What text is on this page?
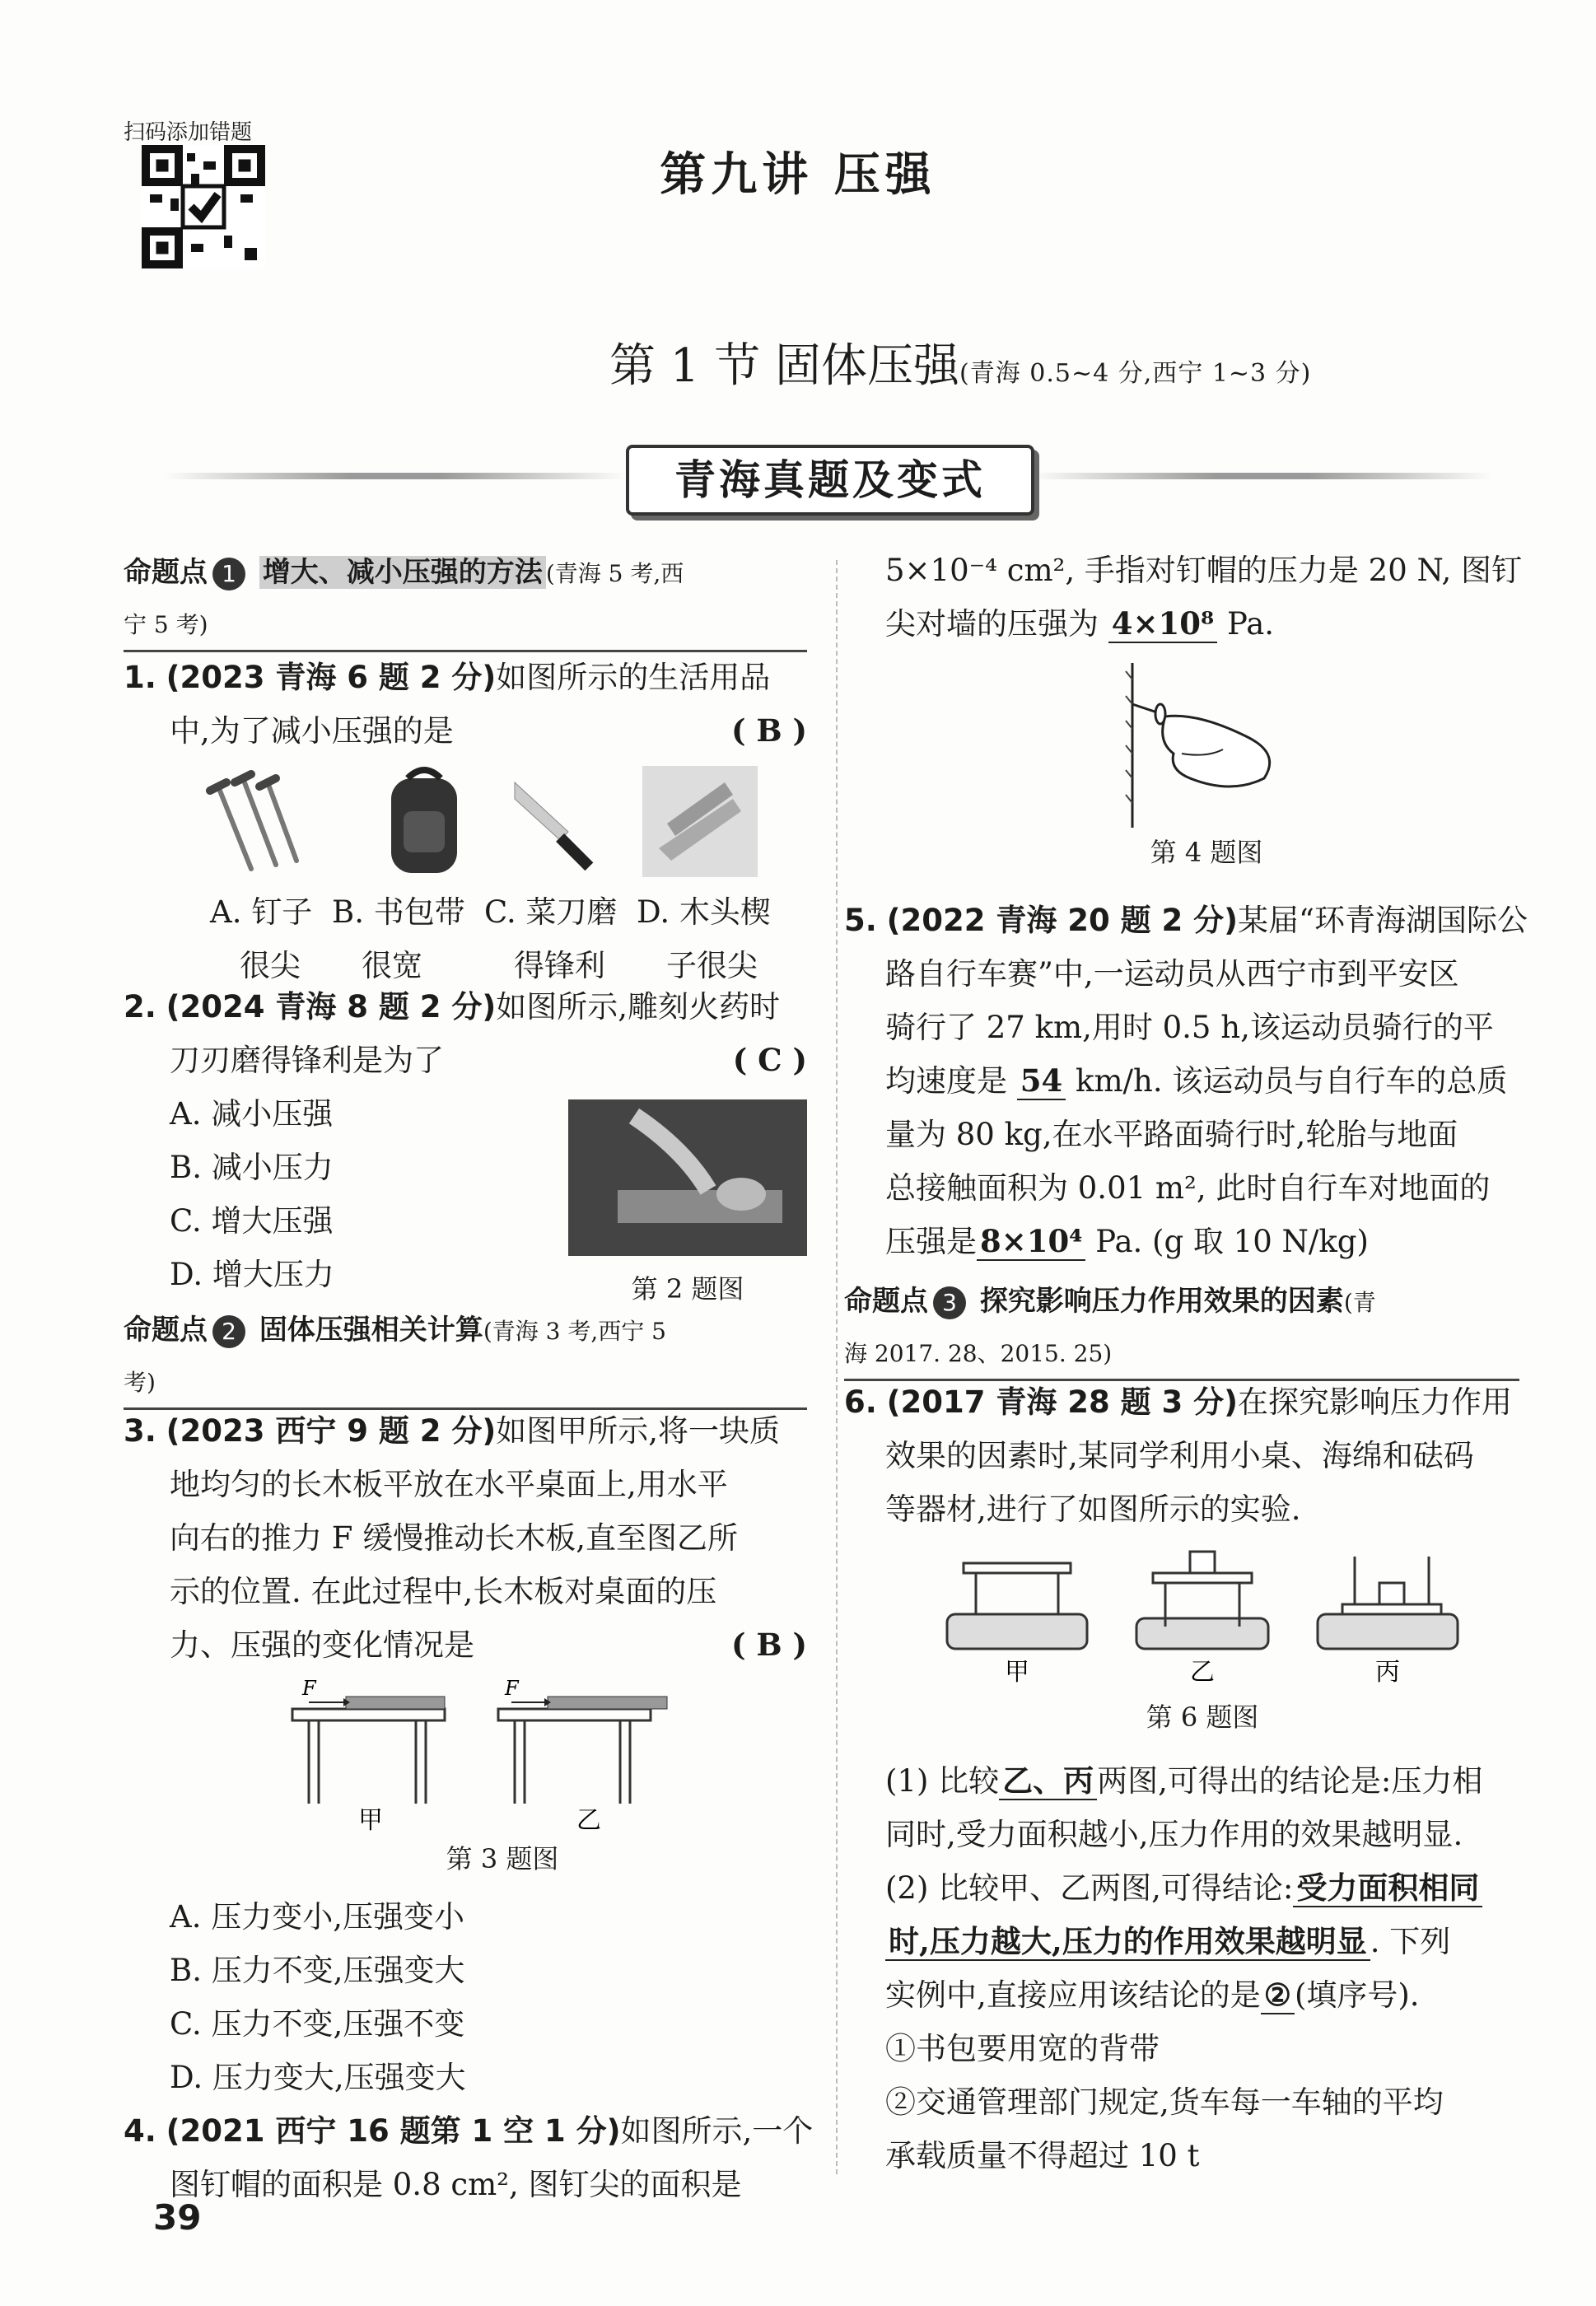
扫码添加错题
第九讲 压强
第 1 节 固体压强(青海 0.5~4 分,西宁 1~3 分)
青海真题及变式
命题点 1 增大、减小压强的方法 (青海 5 考,西
宁 5 考)

1. (2023 青海 6 题 2 分)如图所示的生活用品

中,为了减小压强的是	( B )

A. 钉子
很尖
B. 书包带
很宽
C. 菜刀磨
得锋利
D. 木头楔
子很尖

2. (2024 青海 8 题 2 分)如图所示,雕刻火药时

刀刃磨得锋利是为了	( C )

A. 减小压强

B. 减小压力

C. 增大压强

D. 增大压力	第 2 题图
命题点 2 固体压强相关计算(青海 3 考,西宁 5
考)

3. (2023 西宁 9 题 2 分)如图甲所示,将一块质

地均匀的长木板平放在水平桌面上,用水平

向右的推力 F 缓慢推动长木板,直至图乙所

示的位置. 在此过程中,长木板对桌面的压

力、压强的变化情况是	( B )

F	F
甲	乙
第 3 题图

A. 压力变小,压强变小

B. 压力不变,压强变大

C. 压力不变,压强不变

D. 压力变大,压强变大

4. (2021 西宁 16 题第 1 空 1 分)如图所示,一个

图钉帽的面积是 0.8 cm², 图钉尖的面积是

5×10⁻⁴ cm², 手指对钉帽的压力是 20 N, 图钉

尖对墙的压强为 4×10⁸ Pa.

第 4 题图

5. (2022 青海 20 题 2 分)某届“环青海湖国际公

路自行车赛”中,一运动员从西宁市到平安区

骑行了 27 km,用时 0.5 h,该运动员骑行的平

均速度是 54 km/h. 该运动员与自行车的总质

量为 80 kg,在水平路面骑行时,轮胎与地面

总接触面积为 0.01 m², 此时自行车对地面的

压强是 8×10⁴ Pa. (g 取 10 N/kg)

命题点 3 探究影响压力作用效果的因素(青
海 2017. 28、2015. 25)

6. (2017 青海 28 题 3 分)在探究影响压力作用

效果的因素时,某同学利用小桌、海绵和砝码

等器材,进行了如图所示的实验.

甲	乙	丙
第 6 题图

(1) 比较 乙、丙 两图,可得出的结论是:压力相

同时,受力面积越小,压力作用的效果越明显.

(2) 比较甲、乙两图,可得结论: 受力面积相同

时,压力越大,压力的作用效果越明显 . 下列

实例中,直接应用该结论的是 ② (填序号).

①书包要用宽的背带

②交通管理部门规定,货车每一车轴的平均

承载质量不得超过 10 t

39
